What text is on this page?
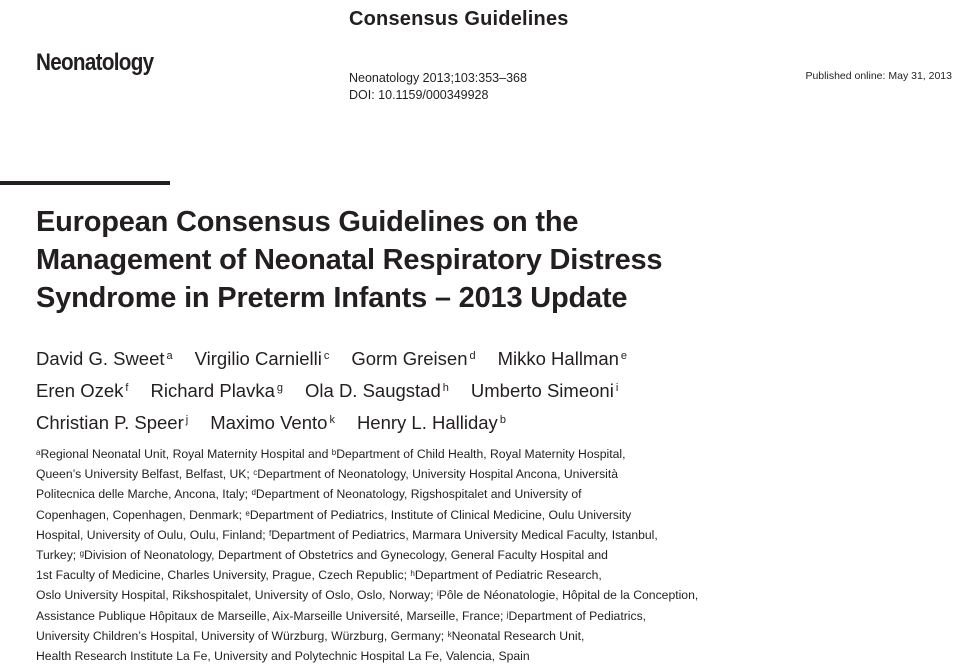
Consensus Guidelines
Neonatology
Neonatology 2013;103:353–368
DOI: 10.1159/000349928
Published online: May 31, 2013
European Consensus Guidelines on the
Management of Neonatal Respiratory Distress
Syndrome in Preterm Infants – 2013 Update
David G. Sweet $^a$ Virgilio Carnielli $^c$ Gorm Greisen $^d$ Mikko Hallman $^e$
Eren Ozek $^f$ Richard Plavka $^g$ Ola D. Saugstad $^h$ Umberto Simeoni $^i$
Christian P. Speer $^j$ Maximo Vento $^k$ Henry L. Halliday $^b$
$^a$Regional Neonatal Unit, Royal Maternity Hospital and $^b$Department of Child Health, Royal Maternity Hospital,
Queen’s University Belfast, Belfast, UK; $^c$Department of Neonatology, University Hospital Ancona, Università
Politecnica delle Marche, Ancona, Italy; $^d$Department of Neonatology, Rigshospitalet and University of
Copenhagen, Copenhagen, Denmark; $^e$Department of Pediatrics, Institute of Clinical Medicine, Oulu University
Hospital, University of Oulu, Oulu, Finland; $^f$Department of Pediatrics, Marmara University Medical Faculty, Istanbul,
Turkey; $^g$Division of Neonatology, Department of Obstetrics and Gynecology, General Faculty Hospital and
1st Faculty of Medicine, Charles University, Prague, Czech Republic; $^h$Department of Pediatric Research,
Oslo University Hospital, Rikshospitalet, University of Oslo, Oslo, Norway; $^i$Pôle de Néonatologie, Hôpital de la Conception,
Assistance Publique Hôpitaux de Marseille, Aix-Marseille Université, Marseille, France; $^j$Department of Pediatrics,
University Children’s Hospital, University of Würzburg, Würzburg, Germany; $^k$Neonatal Research Unit,
Health Research Institute La Fe, University and Polytechnic Hospital La Fe, Valencia, Spain
